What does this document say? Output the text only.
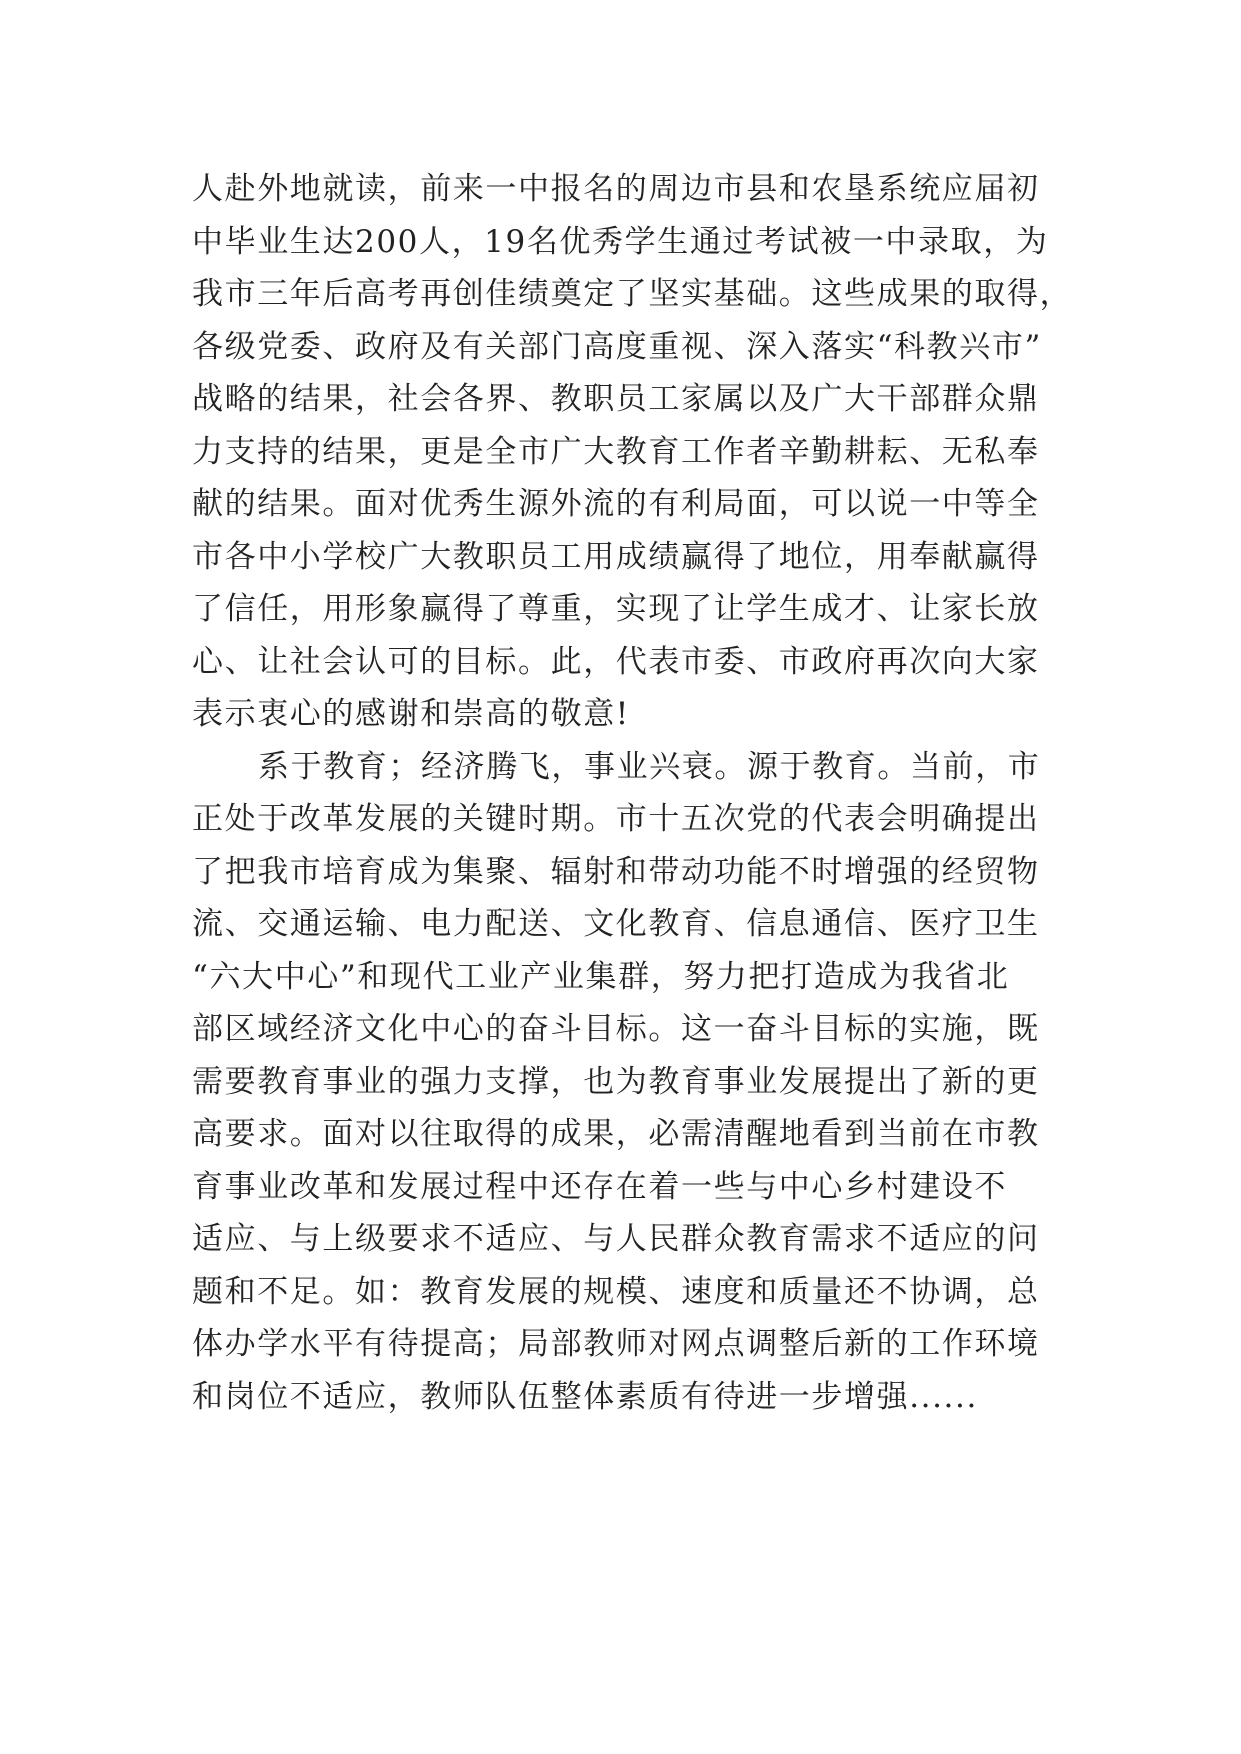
人赴外地就读，前来一中报名的周边市县和农垦系统应届初
中毕业生达200人，19名优秀学生通过考试被一中录取，为
我市三年后高考再创佳绩奠定了坚实基础。这些成果的取得，
各级党委、政府及有关部门高度重视、深入落实“科教兴市”
战略的结果，社会各界、教职员工家属以及广大干部群众鼎
力支持的结果，更是全市广大教育工作者辛勤耕耘、无私奉
献的结果。面对优秀生源外流的有利局面，可以说一中等全
市各中小学校广大教职员工用成绩赢得了地位，用奉献赢得
了信任，用形象赢得了尊重，实现了让学生成才、让家长放
心、让社会认可的目标。此，代表市委、市政府再次向大家
表示衷心的感谢和崇高的敬意!
系于教育；经济腾飞，事业兴衰。源于教育。当前，市
正处于改革发展的关键时期。市十五次党的代表会明确提出
了把我市培育成为集聚、辐射和带动功能不时增强的经贸物
流、交通运输、电力配送、文化教育、信息通信、医疗卫生
“六大中心”和现代工业产业集群，努力把打造成为我省北
部区域经济文化中心的奋斗目标。这一奋斗目标的实施，既
需要教育事业的强力支撑，也为教育事业发展提出了新的更
高要求。面对以往取得的成果，必需清醒地看到当前在市教
育事业改革和发展过程中还存在着一些与中心乡村建设不
适应、与上级要求不适应、与人民群众教育需求不适应的问
题和不足。如：教育发展的规模、速度和质量还不协调，总
体办学水平有待提高；局部教师对网点调整后新的工作环境
和岗位不适应，教师队伍整体素质有待进一步增强......
